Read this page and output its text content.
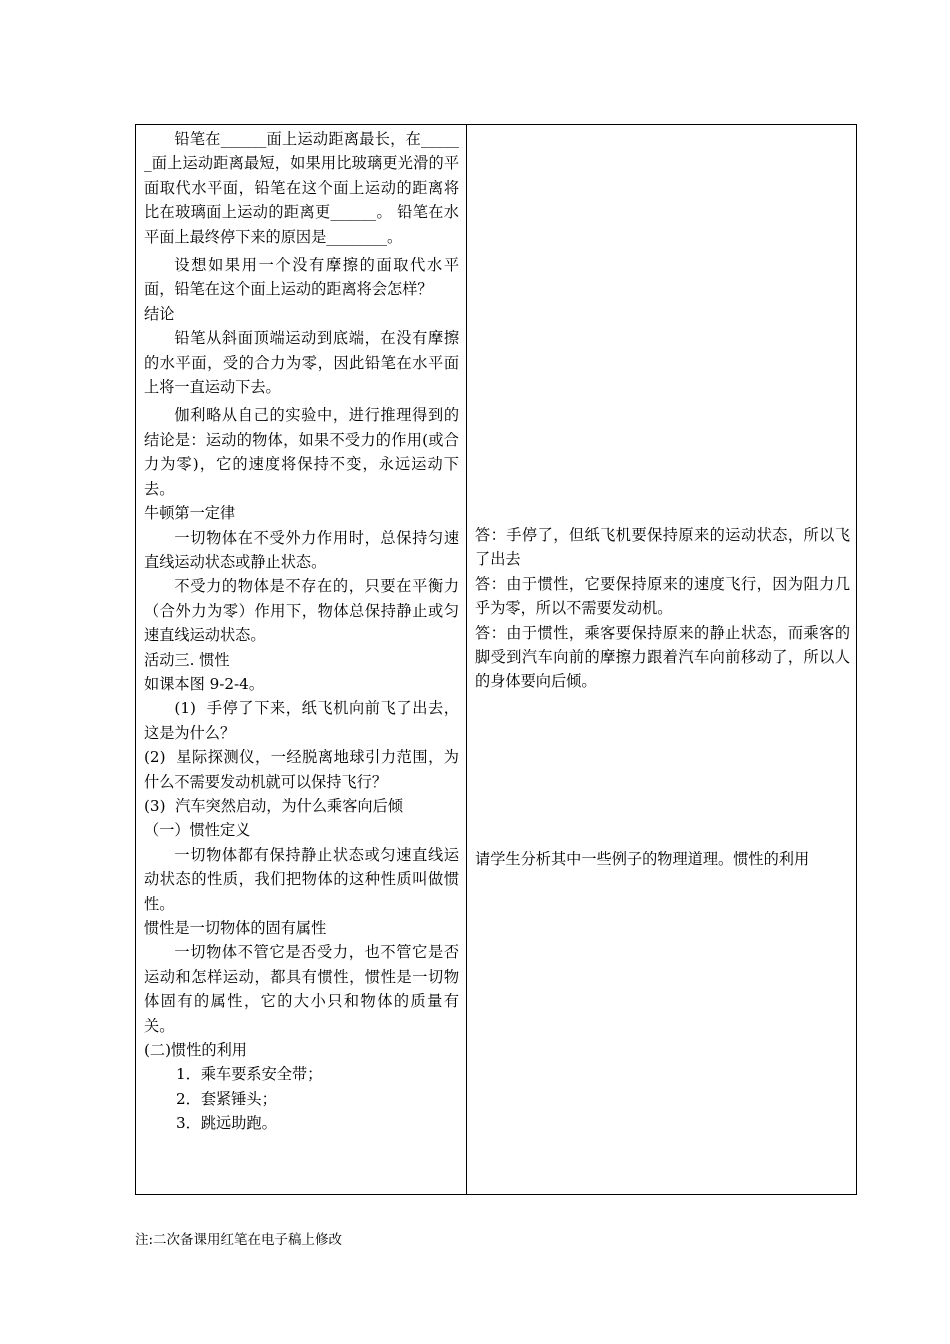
铅笔在______面上运动距离最长，在______面上运动距离最短，如果用比玻璃更光滑的平面取代水平面，铅笔在这个面上运动的距离将比在玻璃面上运动的距离更______。 铅笔在水平面上最终停下来的原因是________。

设想如果用一个没有摩擦的面取代水平面，铅笔在这个面上运动的距离将会怎样？

结论

铅笔从斜面顶端运动到底端，在没有摩擦的水平面，受的合力为零，因此铅笔在水平面上将一直运动下去。

伽利略从自己的实验中，进行推理得到的结论是：运动的物体，如果不受力的作用(或合力为零)，它的速度将保持不变，永远运动下去。

牛顿第一定律

一切物体在不受外力作用时，总保持匀速直线运动状态或静止状态。

不受力的物体是不存在的，只要在平衡力（合外力为零）作用下，物体总保持静止或匀速直线运动状态。

活动三. 惯性

如课本图 9-2-4。

(1)  手停了下来，纸飞机向前飞了出去，这是为什么？

(2)  星际探测仪，一经脱离地球引力范围，为什么不需要发动机就可以保持飞行？

(3)  汽车突然启动，为什么乘客向后倾

（一）惯性定义

一切物体都有保持静止状态或匀速直线运动状态的性质，我们把物体的这种性质叫做惯性。

惯性是一切物体的固有属性

一切物体不管它是否受力，也不管它是否运动和怎样运动，都具有惯性，惯性是一切物体固有的属性，它的大小只和物体的质量有关。

(二)惯性的利用

1．乘车要系安全带；

2．套紧锤头；

3．跳远助跑。

答：手停了，但纸飞机要保持原来的运动状态，所以飞了出去

答：由于惯性，它要保持原来的速度飞行，因为阻力几乎为零，所以不需要发动机。

答：由于惯性，乘客要保持原来的静止状态，而乘客的脚受到汽车向前的摩擦力跟着汽车向前移动了，所以人的身体要向后倾。

请学生分析其中一些例子的物理道理。惯性的利用

注:二次备课用红笔在电子稿上修改
